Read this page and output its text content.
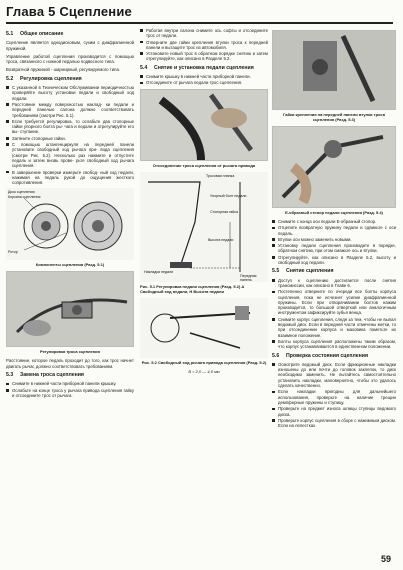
Глава 5 Сцепление
5.1 Общее описание
Сцепление является однодисковым, сухим с диафрагменной пружиной.
Управление работой сцепления производится с помощью троса, связанного с ножной педалью подвесного типа.
Возвратной пружиной - шарнирный, регулируемого типа.
5.2 Регулировка сцепления
С указанной в Техническом Обслуживании периодичностью проверяйте высоту установки педали и свободный ход педали.
Расстояние между поверхностью наклад- ки педали и передней панелью салона должно соответствовать требованиям (смотри Рис. 5.1).
Если требуется регулировка, то ослабьте два стопорные гайки упорного болта ры- чага и педали и отрегулируйте его вы- ступание.
Затяните стопорные гайки.
С помощью штангенциркуля на передней панели установите свободный ход рычага при- вода сцепления (смотри Рис. 5.2). Несколько раз нажмите и отпустите педаль и затем вновь прове- рьте свободный ход рычага сцепления.
В завершение проверки измерьте свобод- ный ход педали, нажимая на педаль рукой до ощущения жесткого сопротивления.
Диск сцепления
Корзина сцепления
Ротор
Компоненты сцепления (Разд. 5.1)
Регулировка троса сцепления
Расстояние, которое педаль проходит до того, как трос начнет двигать рычаг, должно соответствовать требованиям.
5.3 Замена троса сцепления
Снимите в нижней части приборной панели крышку.
Ослабьте на конце троса у рычага привода сцепления гайку и отсоедините трос от рычага.
Работая внутри салона снимите ось софты и отсоедините трос от педали.
Отверните две гайки крепления втулки троса к передней панели и вытащите трос из автомобиля.
Установите новый трос в обратном порядке снятию и затем отрегулируйте, как описано в Разделе 5.2.
5.4 Снятие и установка педали сцепления
Снимите крышку в нижней части приборной панели.
Отсоедините от рычага педали трос сцепления.
Отсоединение троса сцепления от рычага привода
Тросовая планка
Упорный болт педали
Стопорная гайка
Высота педали
Накладка педали
Передняя панель
Рис. 5.1 Регулировка педали сцепления (Разд. 5.2) А Свободный ход педали, Н Высота педали
Рис. 5.2 Свободный ход рычага привода сцепления (Разд. 5.2)
В = 2,0 — 4,0 мм
Гайки крепления на передней панели втулки троса сцепления (Разд. 5.3)
Е-образный стопор педали сцепления (Разд. 5.4)
Снимите с конца оси педали Е-образный стопор.
Отцепите возвратную пружину педали и сдвиньте с оси педаль.
Втулки оси можно заменить новыми.
Установку педали сцепления производите в порядке, обратном снятию, при этом смажьте ось и втулки.
Отрегулируйте, как описано в Разделе 5.2, высоту и свободный ход педали.
5.5 Снятие сцепления
Доступ к сцеплению достигается после снятия трансмиссии, как описано в Главе 6.
Постепенно отверните по очереди все болты корпуса сцепления, пока не исчезнет усилие диафрагменной пружины. Если при отворачивании болтов нажим производится, то большой отверткой или аналогичным инструментом зафиксируйте зубья венца.
Снимите корпус сцепления, следя за тем, чтобы не выпал ведомый диск. Если в передней части отмечены метки, то при отсоединении корпуса и маховика пометьте их взаимное положение.
Болты корпуса сцепления расположены таким образом, что корпус устанавливается в единственном положении.
5.6 Проверка состояния сцепления
Осмотрите ведомый диск. Если фрикционные накладки изношены до или почти до головок заклепок, то диск необходимо заменить. Не пытайтесь самостоятельно установить накладки, маловероятно, чтобы это удалось сделать качественно.
Если накладки пригодны для дальнейшего использования, проверьте на наличие трещин демпферные пружины и ступицу.
Проверьте на предмет износа шлицы ступицы ведомого диска.
Проверьте корпус сцепления в сборе с нажимным диском. Если на лепестках
59
